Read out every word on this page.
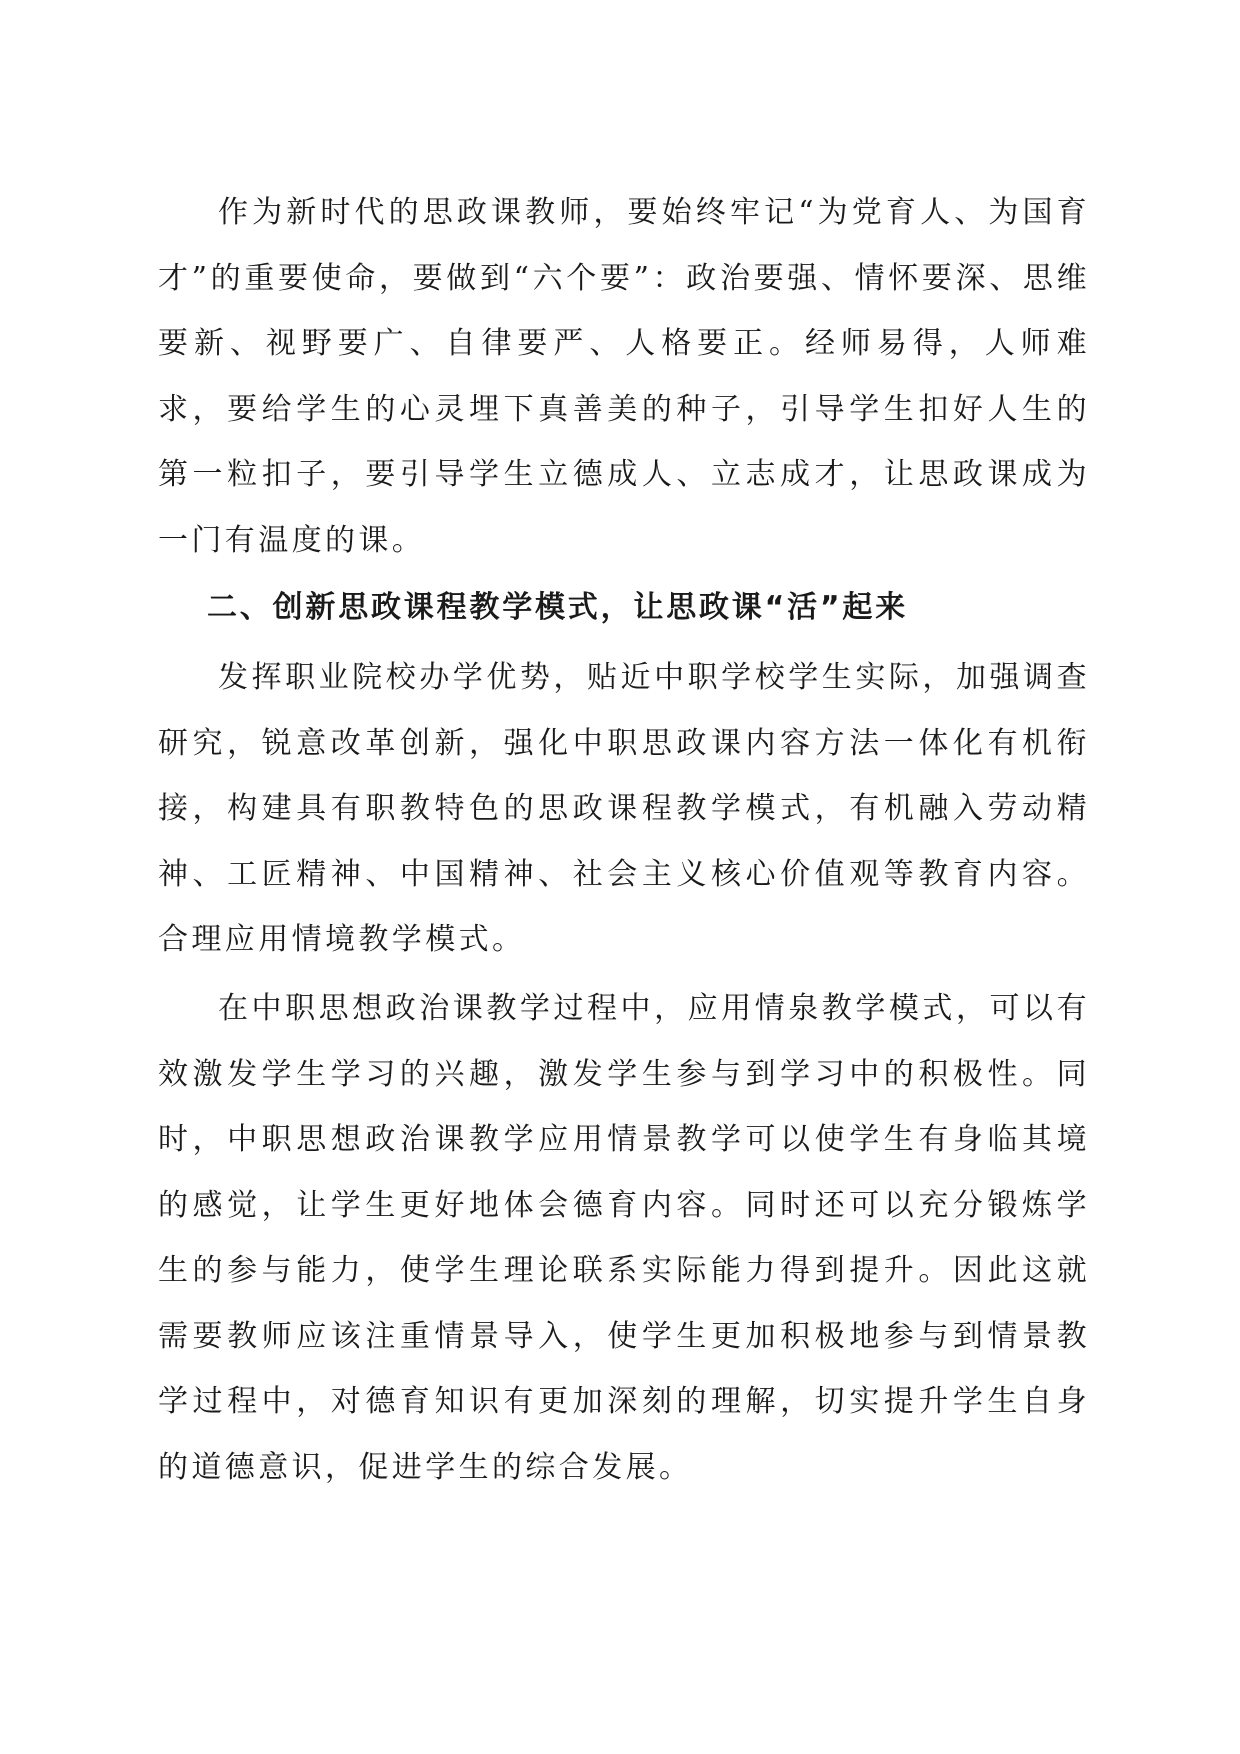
作为新时代的思政课教师，要始终牢记“为党育人、为国育才”的重要使命，要做到“六个要”：政治要强、情怀要深、思维要新、视野要广、自律要严、人格要正。经师易得，人师难求，要给学生的心灵埋下真善美的种子，引导学生扣好人生的第一粒扣子，要引导学生立德成人、立志成才，让思政课成为一门有温度的课。

二、创新思政课程教学模式，让思政课“活”起来

发挥职业院校办学优势，贴近中职学校学生实际，加强调查研究，锐意改革创新，强化中职思政课内容方法一体化有机衔接，构建具有职教特色的思政课程教学模式，有机融入劳动精神、工匠精神、中国精神、社会主义核心价值观等教育内容。合理应用情境教学模式。

在中职思想政治课教学过程中，应用情泉教学模式，可以有效激发学生学习的兴趣，激发学生参与到学习中的积极性。同时，中职思想政治课教学应用情景教学可以使学生有身临其境的感觉，让学生更好地体会德育内容。同时还可以充分锻炼学生的参与能力，使学生理论联系实际能力得到提升。因此这就需要教师应该注重情景导入，使学生更加积极地参与到情景教学过程中，对德育知识有更加深刻的理解，切实提升学生自身的道德意识，促进学生的综合发展。
